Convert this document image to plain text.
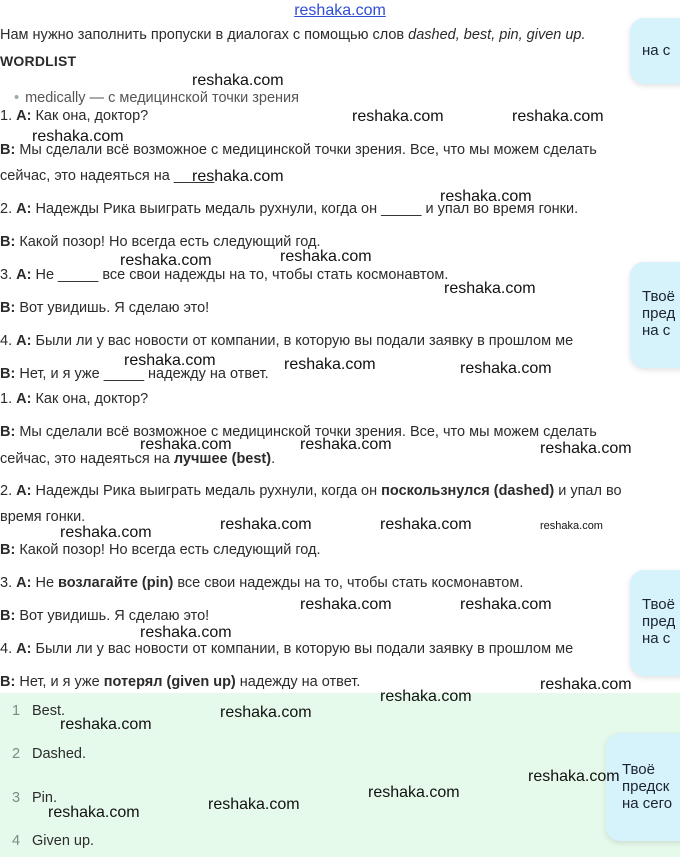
reshaka.com
Нам нужно заполнить пропуски в диалогах с помощью слов dashed, best, pin, given up.
WORDLIST
• medically — с медицинской точки зрения
1. A: Как она, доктор?
B: Мы сделали всё возможное с медицинской точки зрения. Все, что мы можем сделать
сейчас, это надеяться на _____.
2. A: Надежды Рика выиграть медаль рухнули, когда он _____ и упал во время гонки.
B: Какой позор! Но всегда есть следующий год.
3. A: Не _____ все свои надежды на то, чтобы стать космонавтом.
B: Вот увидишь. Я сделаю это!
4. A: Были ли у вас новости от компании, в которую вы подали заявку в прошлом ме
B: Нет, и я уже _____ надежду на ответ.
1. A: Как она, доктор?
B: Мы сделали всё возможное с медицинской точки зрения. Все, что мы можем сделать
сейчас, это надеяться на лучшее (best).
2. A: Надежды Рика выиграть медаль рухнули, когда он поскользнулся (dashed) и упал во
время гонки.
B: Какой позор! Но всегда есть следующий год.
3. A: Не возлагайте (pin) все свои надежды на то, чтобы стать космонавтом.
B: Вот увидишь. Я сделаю это!
4. A: Были ли у вас новости от компании, в которую вы подали заявку в прошлом ме
B: Нет, и я уже потерял (given up) надежду на ответ.
1 Best.
2 Dashed.
3 Pin.
4 Given up.
на с
Твоё
пред
на с
Твоё
пред
на с
Твоё
предск
на сего
reshaka.com
reshaka.com	reshaka.com
reshaka.com
reshaka.com
reshaka.com
reshaka.com	reshaka.com
reshaka.com
reshaka.com	reshaka.com	reshaka.com
reshaka.com	reshaka.com	reshaka.com
reshaka.com	reshaka.com	reshaka.com	reshaka.com
reshaka.com	reshaka.com
reshaka.com
reshaka.com
reshaka.com
reshaka.com
reshaka.com
reshaka.com
reshaka.com
reshaka.com
reshaka.com
